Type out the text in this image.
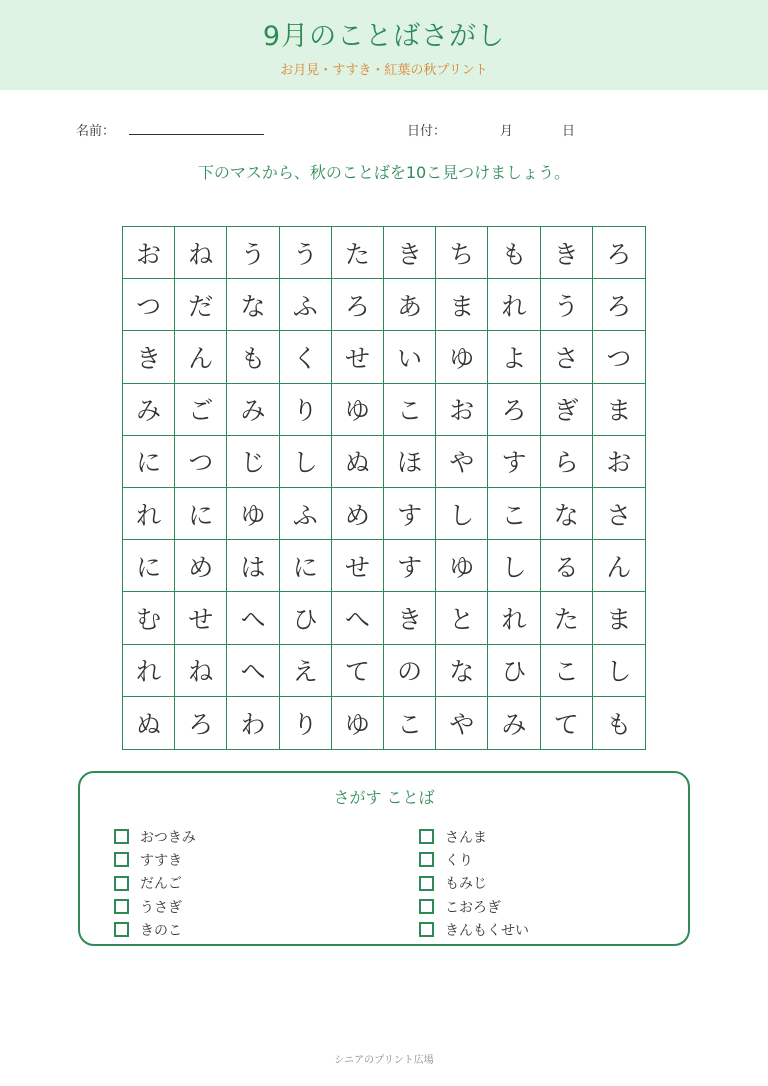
9月のことばさがし
お月見・すすき・紅葉の秋プリント
名前：	日付：	月	日
下のマスから、秋のことばを10こ見つけましょう。
お	ね	う	う	た	き	ち	も	き	ろ
つ	だ	な	ふ	ろ	あ	ま	れ	う	ろ
き	ん	も	く	せ	い	ゆ	よ	さ	つ
み	ご	み	り	ゆ	こ	お	ろ	ぎ	ま
に	つ	じ	し	ぬ	ほ	や	す	ら	お
れ	に	ゆ	ふ	め	す	し	こ	な	さ
に	め	は	に	せ	す	ゆ	し	る	ん
む	せ	へ	ひ	へ	き	と	れ	た	ま
れ	ね	へ	え	て	の	な	ひ	こ	し
ぬ	ろ	わ	り	ゆ	こ	や	み	て	も
さがす ことば
おつきみ
すすき
だんご
うさぎ
きのこ
さんま
くり
もみじ
こおろぎ
きんもくせい
シニアのプリント広場
